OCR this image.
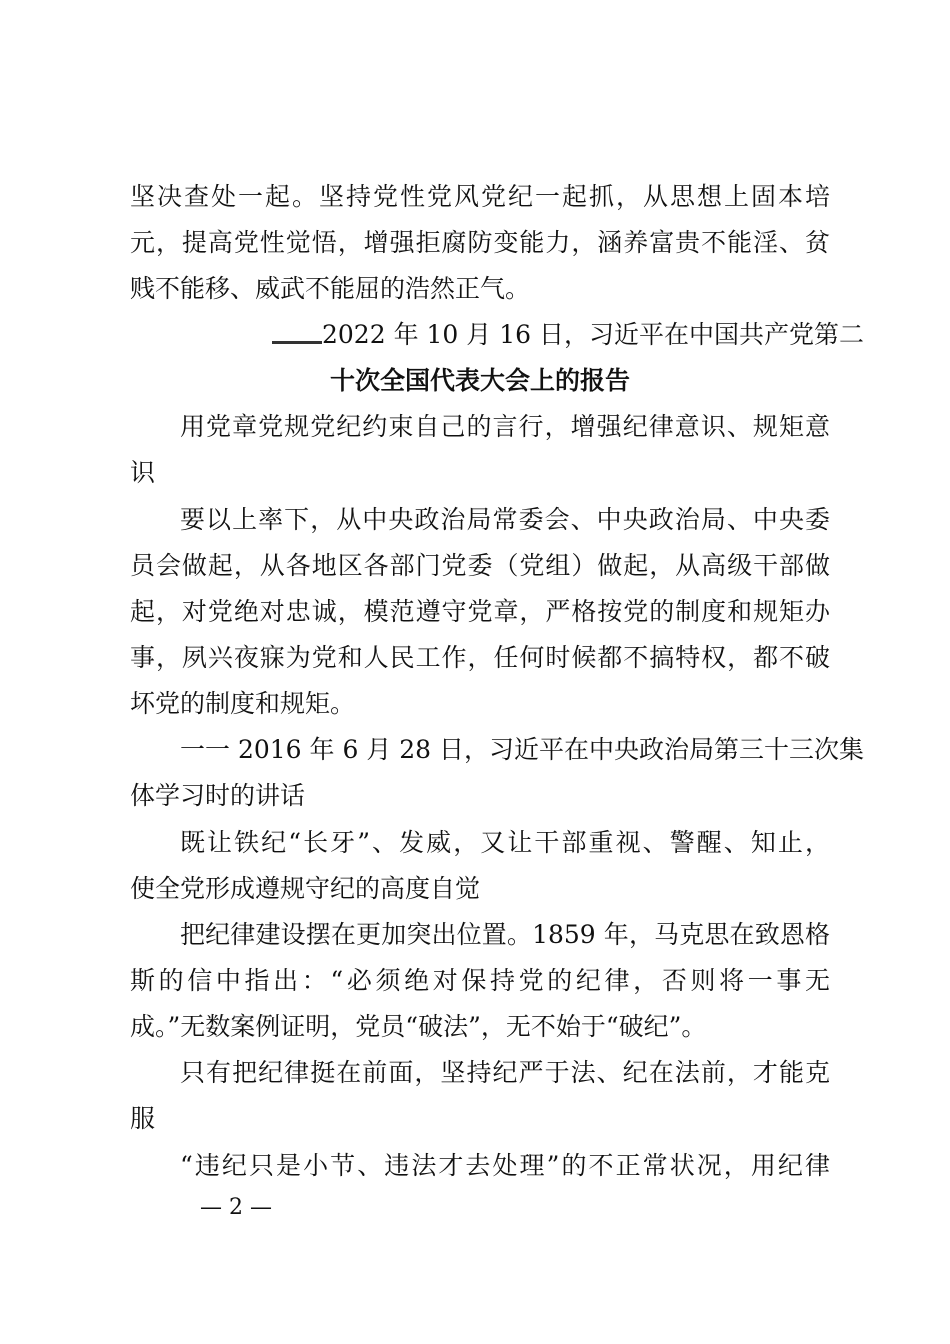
坚决查处一起。坚持党性党风党纪一起抓，从思想上固本培
元，提高党性觉悟，增强拒腐防变能力，涵养富贵不能淫、贫
贱不能移、威武不能屈的浩然正气。
2022 年 10 月 16 日，习近平在中国共产党第二
十次全国代表大会上的报告
用党章党规党纪约束自己的言行，增强纪律意识、规矩意
识
要以上率下，从中央政治局常委会、中央政治局、中央委
员会做起，从各地区各部门党委（党组）做起，从高级干部做
起，对党绝对忠诚，模范遵守党章，严格按党的制度和规矩办
事，夙兴夜寐为党和人民工作，任何时候都不搞特权，都不破
坏党的制度和规矩。
一一 2016 年 6 月 28 日，习近平在中央政治局第三十三次集
体学习时的讲话
既让铁纪“长牙”、发威，又让干部重视、警醒、知止，
使全党形成遵规守纪的高度自觉
把纪律建设摆在更加突出位置。1859 年，马克思在致恩格
斯的信中指出：“必须绝对保持党的纪律，否则将一事无
成。”无数案例证明，党员“破法”，无不始于“破纪”。
只有把纪律挺在前面，坚持纪严于法、纪在法前，才能克
服
“违纪只是小节、违法才去处理”的不正常状况，用纪律
— 2 —
